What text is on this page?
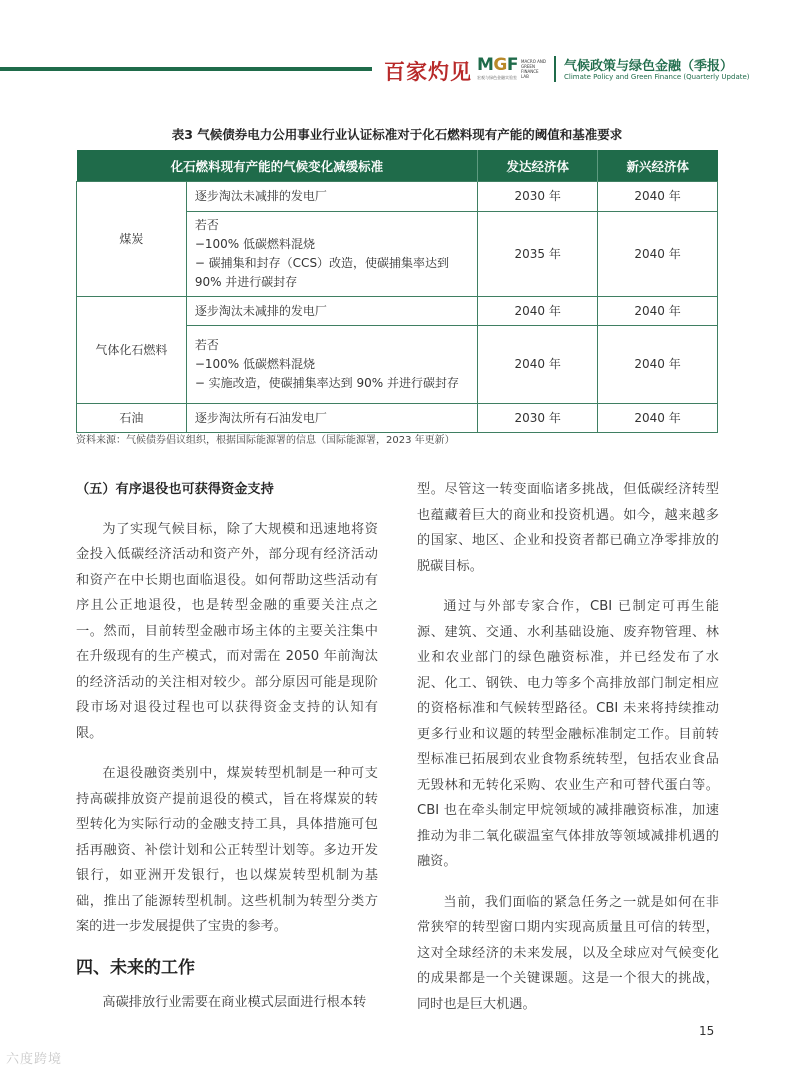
百家灼见 MGF MACRO AND GREEN FINANCE LAB
宏观与绿色金融实验室
气候政策与绿色金融（季报）
Climate Policy and Green Finance (Quarterly Update)
表3 气候债券电力公用事业行业认证标准对于化石燃料现有产能的阈值和基准要求
化石燃料现有产能的气候变化减缓标准		发达经济体	新兴经济体
煤炭	逐步淘汰未减排的发电厂	2030 年	2040 年

	若否
−100% 低碳燃料混烧
− 碳捕集和封存（CCS）改造，使碳捕集率达到 90% 并进行碳封存	2035 年	2040 年
气体化石燃料	逐步淘汰未减排的发电厂	2040 年	2040 年

	若否
−100% 低碳燃料混烧
− 实施改造，使碳捕集率达到 90% 并进行碳封存	2040 年	2040 年
石油	逐步淘汰所有石油发电厂	2030 年	2040 年
资料来源：气候债券倡议组织，根据国际能源署的信息（国际能源署，2023 年更新）
（五）有序退役也可获得资金支持

为了实现气候目标，除了大规模和迅速地将资金投入低碳经济活动和资产外，部分现有经济活动和资产在中长期也面临退役。如何帮助这些活动有序且公正地退役，也是转型金融的重要关注点之一。然而，目前转型金融市场主体的主要关注集中在升级现有的生产模式，而对需在 2050 年前淘汰的经济活动的关注相对较少。部分原因可能是现阶段市场对退役过程也可以获得资金支持的认知有限。

在退役融资类别中，煤炭转型机制是一种可支持高碳排放资产提前退役的模式，旨在将煤炭的转型转化为实际行动的金融支持工具，具体措施可包括再融资、补偿计划和公正转型计划等。多边开发银行，如亚洲开发银行，也以煤炭转型机制为基础，推出了能源转型机制。这些机制为转型分类方案的进一步发展提供了宝贵的参考。

四、未来的工作

高碳排放行业需要在商业模式层面进行根本转

型。尽管这一转变面临诸多挑战，但低碳经济转型也蕴藏着巨大的商业和投资机遇。如今，越来越多的国家、地区、企业和投资者都已确立净零排放的脱碳目标。

通过与外部专家合作，CBI 已制定可再生能源、建筑、交通、水利基础设施、废弃物管理、林业和农业部门的绿色融资标准，并已经发布了水泥、化工、钢铁、电力等多个高排放部门制定相应的资格标准和气候转型路径。CBI 未来将持续推动更多行业和议题的转型金融标准制定工作。目前转型标准已拓展到农业食物系统转型，包括农业食品无毁林和无转化采购、农业生产和可替代蛋白等。CBI 也在牵头制定甲烷领域的减排融资标准，加速推动为非二氧化碳温室气体排放等领域减排机遇的融资。

当前，我们面临的紧急任务之一就是如何在非常狭窄的转型窗口期内实现高质量且可信的转型，这对全球经济的未来发展，以及全球应对气候变化的成果都是一个关键课题。这是一个很大的挑战，同时也是巨大机遇。

15
六度跨境
